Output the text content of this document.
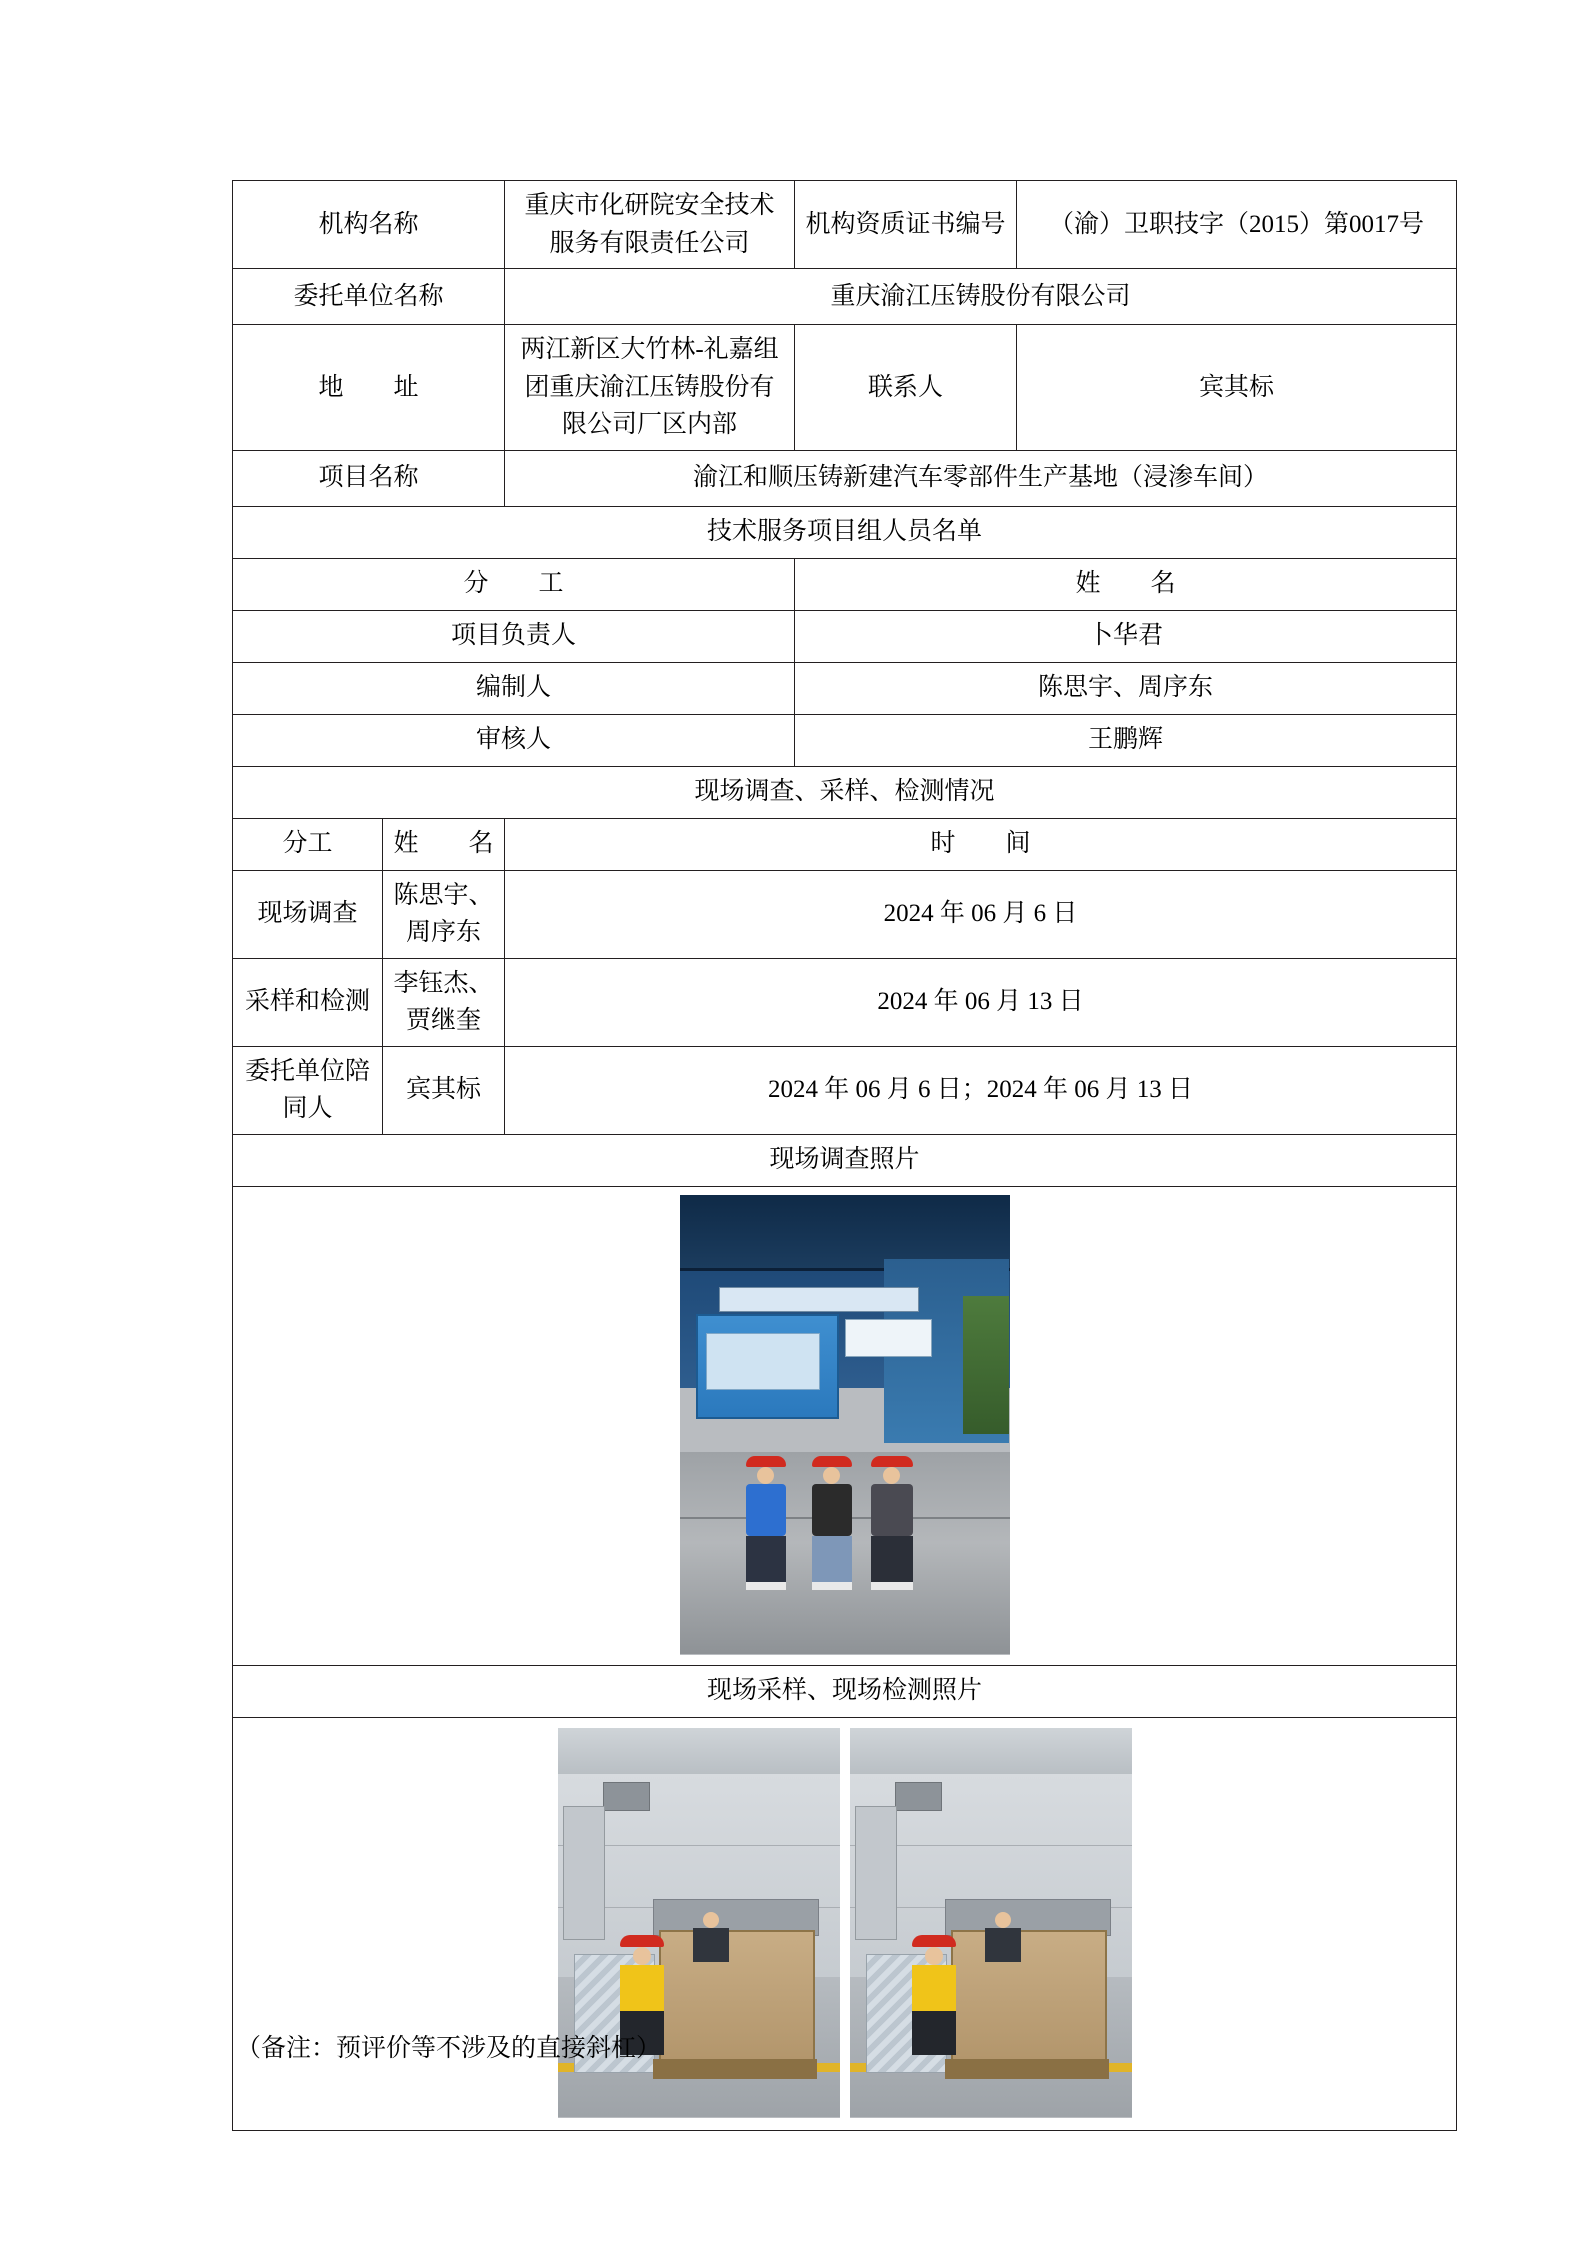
机构名称		重庆市化研院安全技术服务有限责任公司	机构资质证书编号	（渝）卫职技字（2015）第0017号
委托单位名称		重庆渝江压铸股份有限公司		
地　　址		两江新区大竹林-礼嘉组团重庆渝江压铸股份有限公司厂区内部	联系人	宾其标
项目名称		渝江和顺压铸新建汽车零部件生产基地（浸渗车间）		
技术服务项目组人员名单				
分　　工			姓　　名	
项目负责人			卜华君	
编制人			陈思宇、周序东	
审核人			王鹏辉	
现场调查、采样、检测情况				
分工	姓　　名	时　　间		
现场调查	陈思宇、周序东	2024 年 06 月 6 日		
采样和检测	李钰杰、贾继奎	2024 年 06 月 13 日		
委托单位陪同人	宾其标	2024 年 06 月 6 日；2024 年 06 月 13 日		
现场调查照片				

现场采样、现场检测照片				

（备注：预评价等不涉及的直接斜杠）
